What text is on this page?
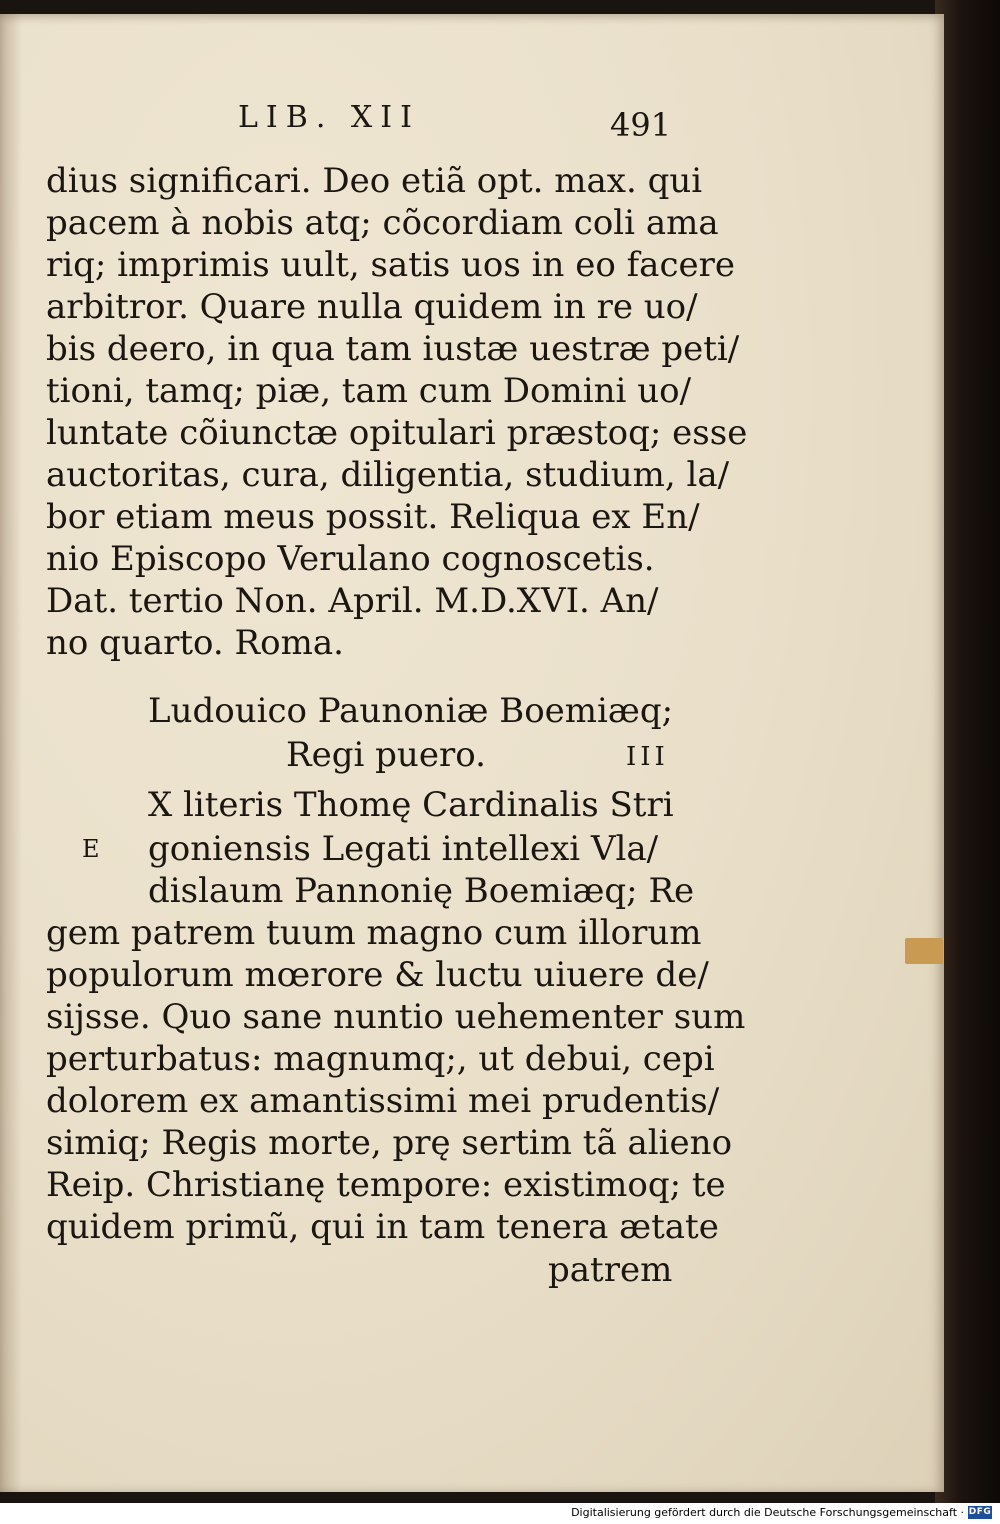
LIB. XII	491
dius significari. Deo etiã opt. max. qui
pacem à nobis atq; cõcordiam coli ama
riq; imprimis uult, satis uos in eo facere
arbitror. Quare nulla quidem in re uo/
bis deero, in qua tam iustæ uestræ peti/
tioni, tamq; piæ, tam cum Domini uo/
luntate cõiunctæ opitulari præstoq; esse
auctoritas, cura, diligentia, studium, la/
bor etiam meus possit. Reliqua ex En/
nio Episcopo Verulano cognoscetis.
Dat. tertio Non. April. M.D.XVI. An/
no quarto. Roma.
Ludouico Paunoniæ Boemiæq;
Regi puero.	III
E
X literis Thomę Cardinalis Stri
goniensis Legati intellexi Vla/
dislaum Pannonię Boemiæq; Re
gem patrem tuum magno cum illorum
populorum mœrore & luctu uiuere de/
sijsse. Quo sane nuntio uehementer sum
perturbatus: magnumq;, ut debui, cepi
dolorem ex amantissimi mei prudentis/
simiq; Regis morte, prę sertim tã alieno
Reip. Christianę tempore: existimoq; te
quidem primũ, qui in tam tenera ætate
patrem
Digitalisierung gefördert durch die Deutsche Forschungsgemeinschaft · DFG
